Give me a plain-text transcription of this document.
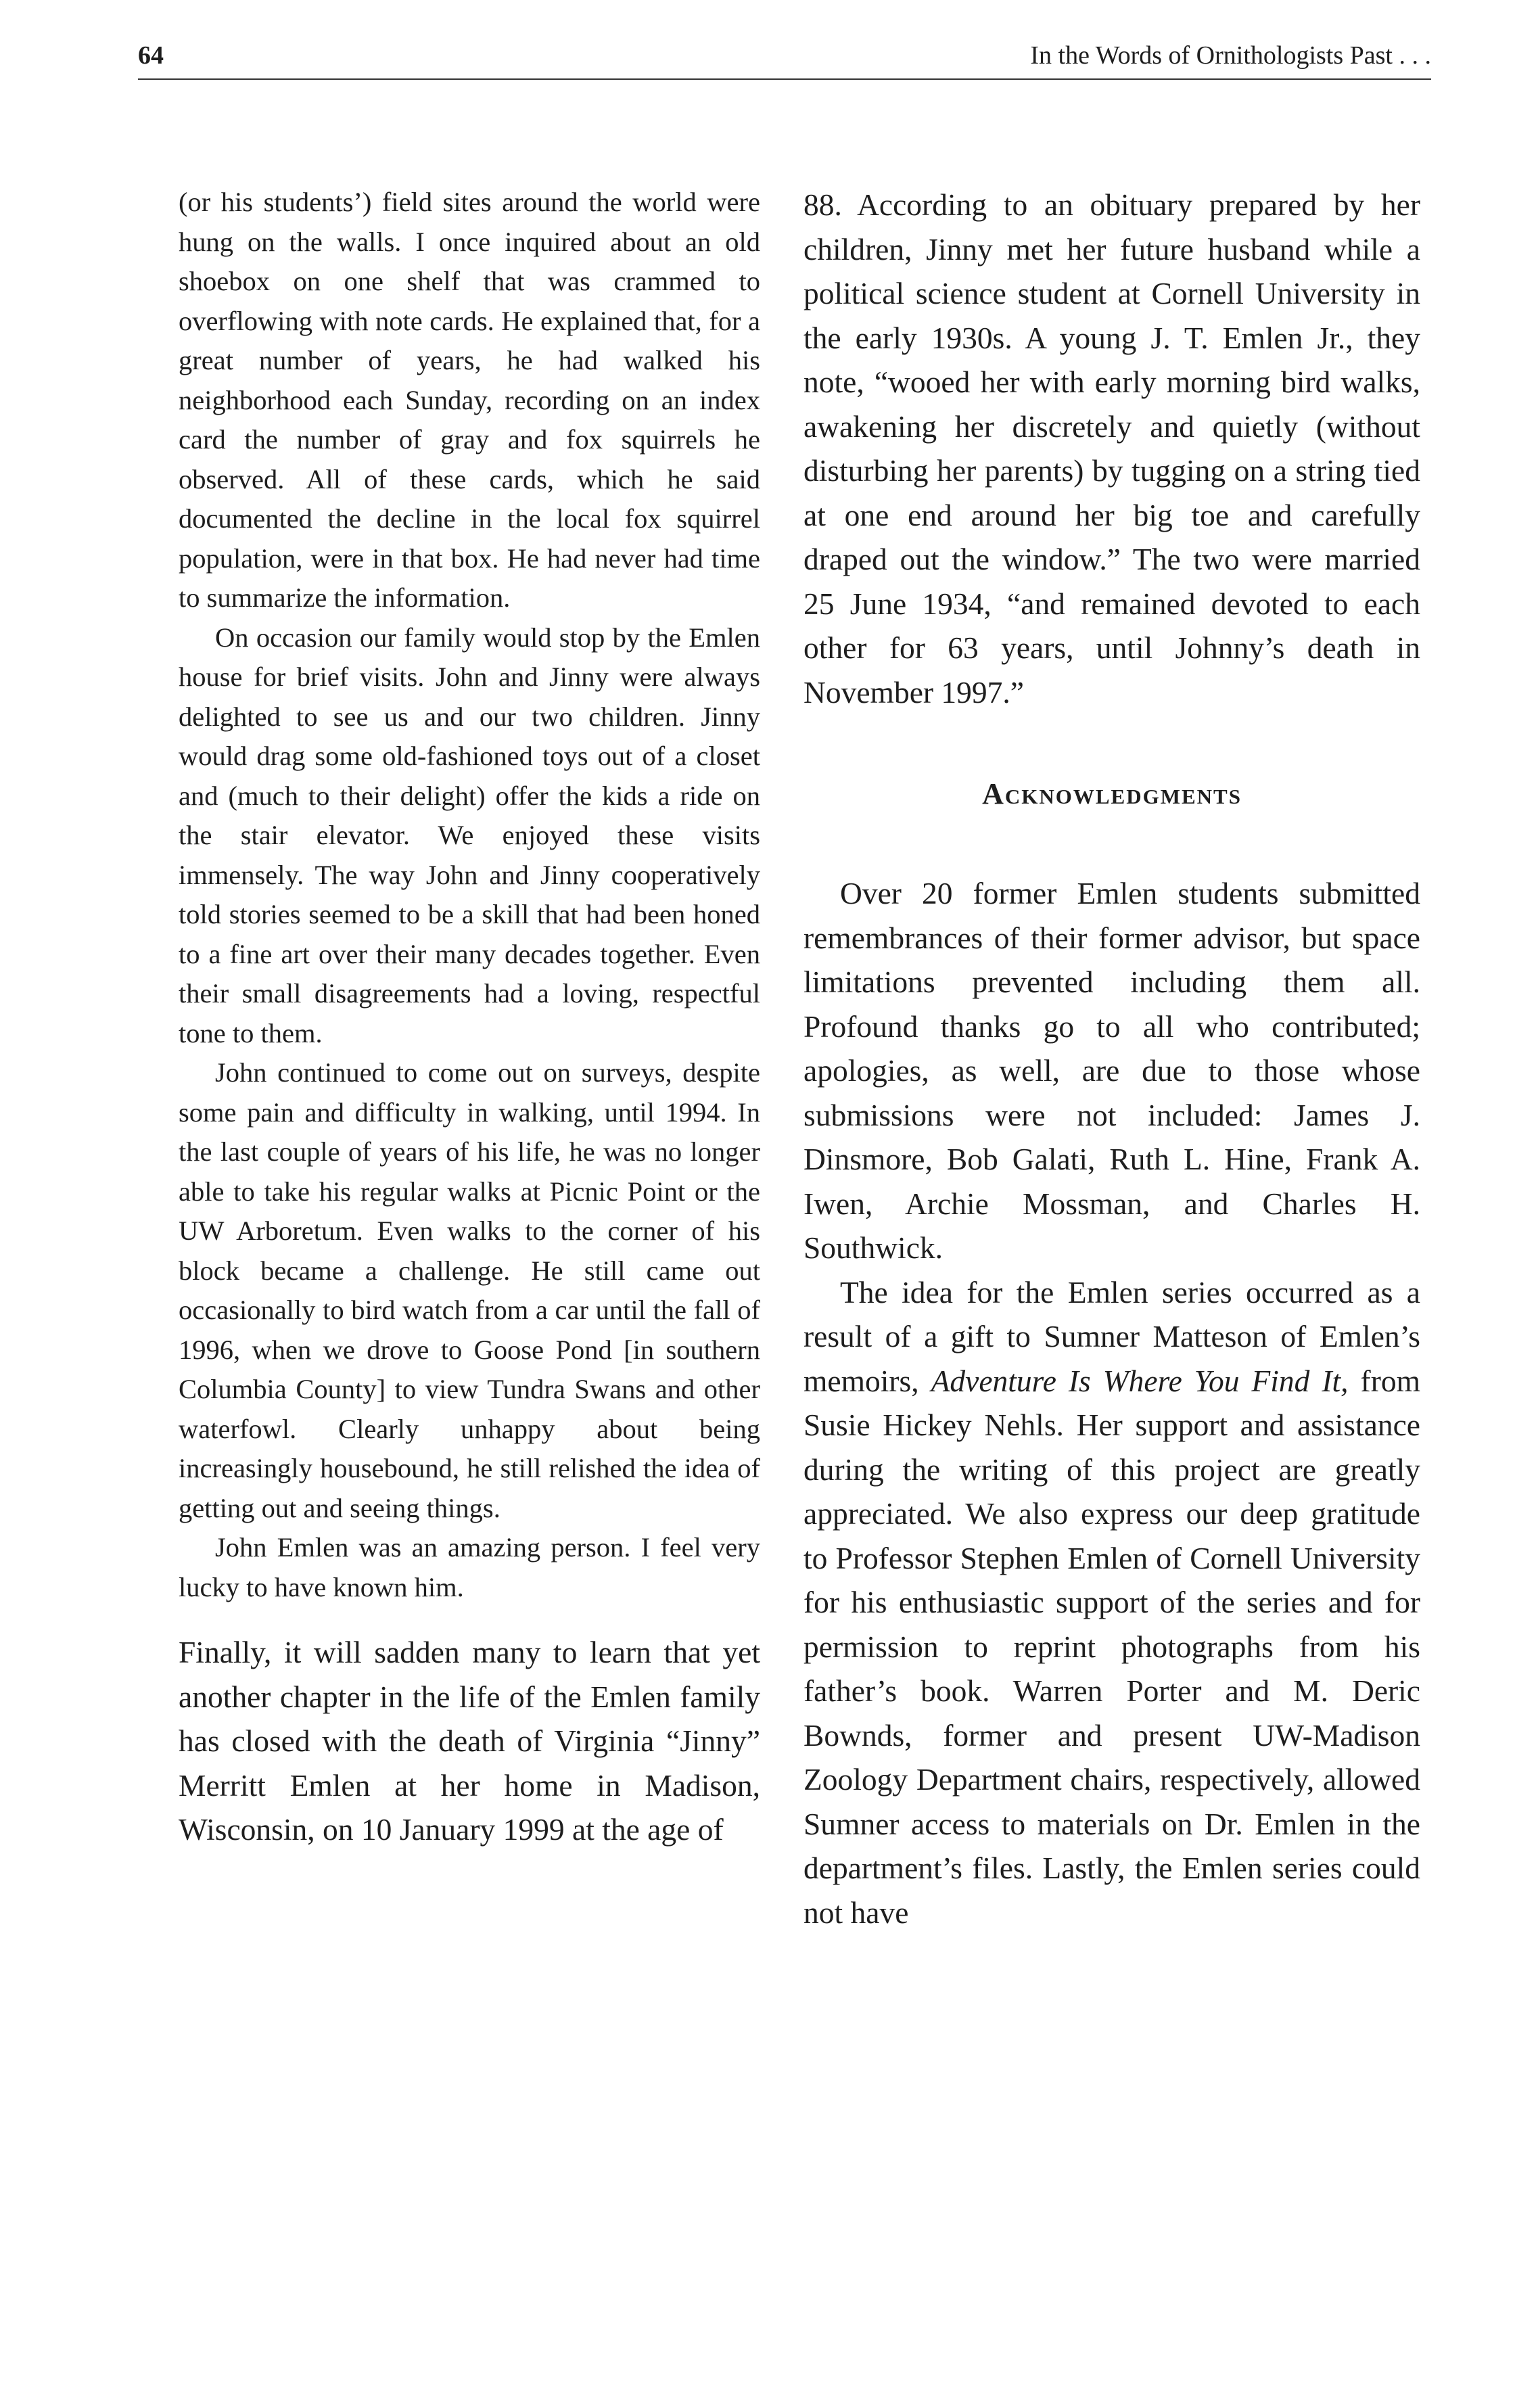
64	In the Words of Ornithologists Past . . .

(or his students’) field sites around the world were hung on the walls. I once inquired about an old shoebox on one shelf that was crammed to overflowing with note cards. He explained that, for a great number of years, he had walked his neighborhood each Sunday, recording on an index card the number of gray and fox squirrels he observed. All of these cards, which he said documented the decline in the local fox squirrel population, were in that box. He had never had time to summarize the information.

On occasion our family would stop by the Emlen house for brief visits. John and Jinny were always delighted to see us and our two children. Jinny would drag some old-fashioned toys out of a closet and (much to their delight) offer the kids a ride on the stair elevator. We enjoyed these visits immensely. The way John and Jinny cooperatively told stories seemed to be a skill that had been honed to a fine art over their many decades together. Even their small disagreements had a loving, respectful tone to them.

John continued to come out on surveys, despite some pain and difficulty in walking, until 1994. In the last couple of years of his life, he was no longer able to take his regular walks at Picnic Point or the UW Arboretum. Even walks to the corner of his block became a challenge. He still came out occasionally to bird watch from a car until the fall of 1996, when we drove to Goose Pond [in southern Columbia County] to view Tundra Swans and other waterfowl. Clearly unhappy about being increasingly housebound, he still relished the idea of getting out and seeing things.

John Emlen was an amazing person. I feel very lucky to have known him.

Finally, it will sadden many to learn that yet another chapter in the life of the Emlen family has closed with the death of Virginia “Jinny” Merritt Emlen at her home in Madison, Wisconsin, on 10 January 1999 at the age of

88. According to an obituary prepared by her children, Jinny met her future husband while a political science student at Cornell University in the early 1930s. A young J. T. Emlen Jr., they note, “wooed her with early morning bird walks, awakening her discretely and quietly (without disturbing her parents) by tugging on a string tied at one end around her big toe and carefully draped out the window.” The two were married 25 June 1934, “and remained devoted to each other for 63 years, until Johnny’s death in November 1997.”

Acknowledgments

Over 20 former Emlen students submitted remembrances of their former advisor, but space limitations prevented including them all. Profound thanks go to all who contributed; apologies, as well, are due to those whose submissions were not included: James J. Dinsmore, Bob Galati, Ruth L. Hine, Frank A. Iwen, Archie Mossman, and Charles H. Southwick.

The idea for the Emlen series occurred as a result of a gift to Sumner Matteson of Emlen’s memoirs, Adventure Is Where You Find It, from Susie Hickey Nehls. Her support and assistance during the writing of this project are greatly appreciated. We also express our deep gratitude to Professor Stephen Emlen of Cornell University for his enthusiastic support of the series and for permission to reprint photographs from his father’s book. Warren Porter and M. Deric Bownds, former and present UW-Madison Zoology Department chairs, respectively, allowed Sumner access to materials on Dr. Emlen in the department’s files. Lastly, the Emlen series could not have
